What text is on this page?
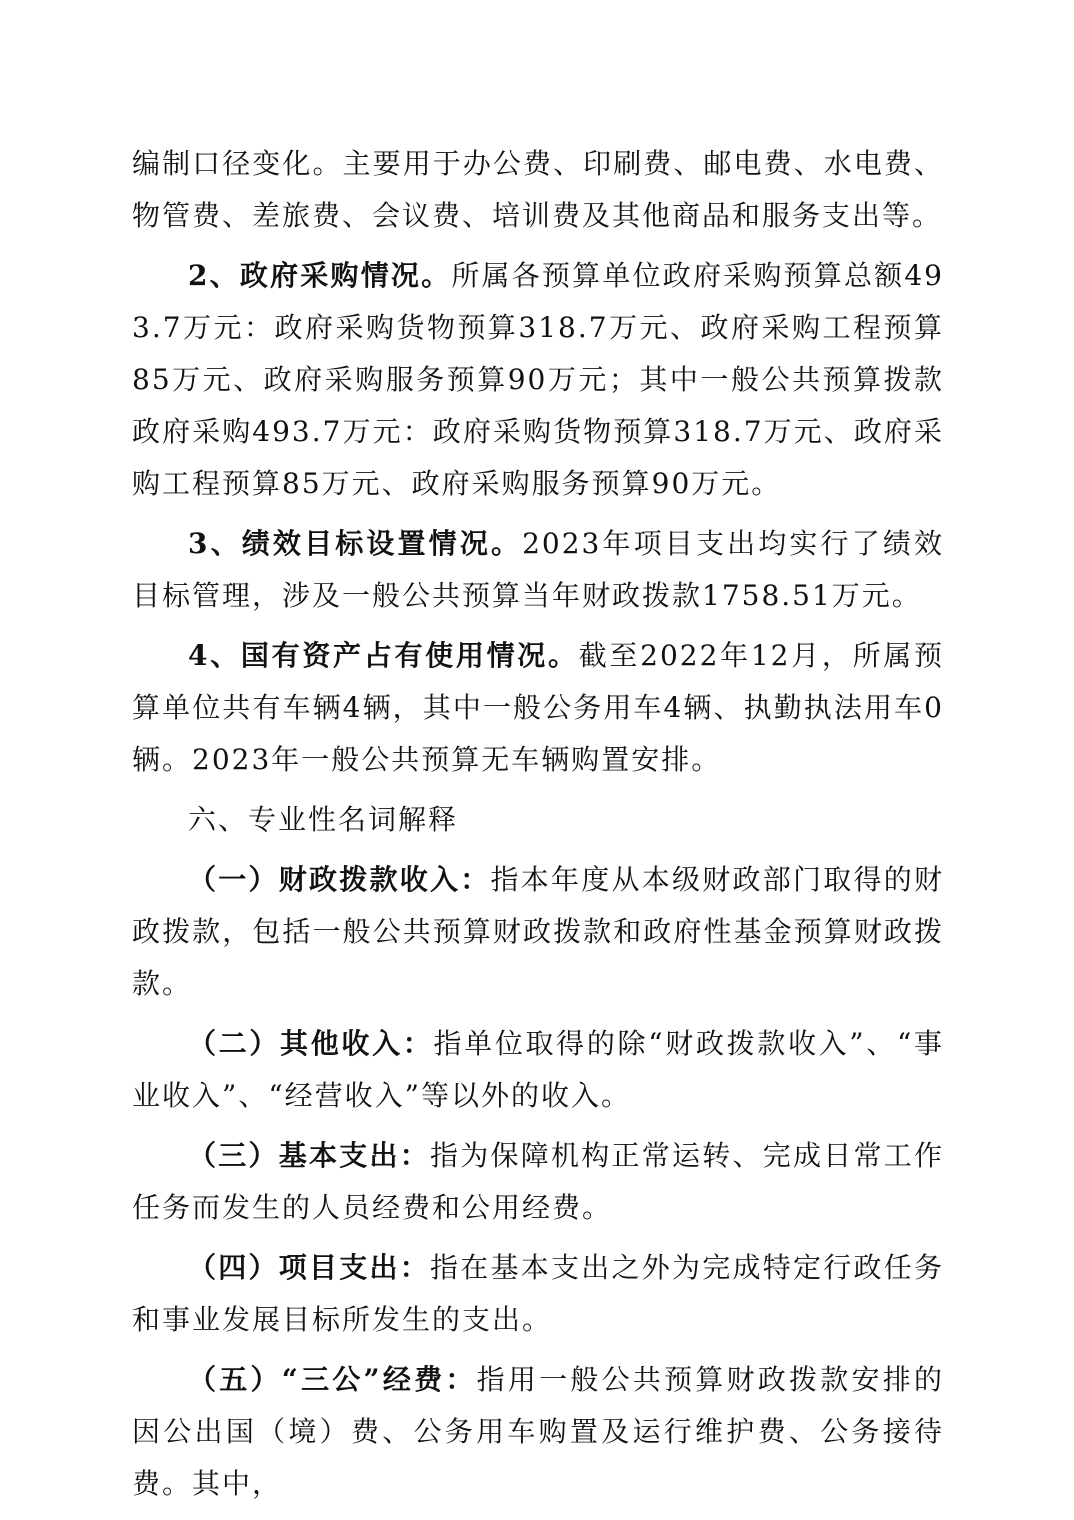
编制口径变化。主要用于办公费、印刷费、邮电费、水电费、物管费、差旅费、会议费、培训费及其他商品和服务支出等。

2、政府采购情况。所属各预算单位政府采购预算总额493.7万元：政府采购货物预算318.7万元、政府采购工程预算85万元、政府采购服务预算90万元；其中一般公共预算拨款政府采购493.7万元：政府采购货物预算318.7万元、政府采购工程预算85万元、政府采购服务预算90万元。

3、绩效目标设置情况。2023年项目支出均实行了绩效目标管理，涉及一般公共预算当年财政拨款1758.51万元。

4、国有资产占有使用情况。截至2022年12月，所属预算单位共有车辆4辆，其中一般公务用车4辆、执勤执法用车0辆。2023年一般公共预算无车辆购置安排。

六、专业性名词解释

（一）财政拨款收入：指本年度从本级财政部门取得的财政拨款，包括一般公共预算财政拨款和政府性基金预算财政拨款。

（二）其他收入：指单位取得的除“财政拨款收入”、“事业收入”、“经营收入”等以外的收入。

（三）基本支出：指为保障机构正常运转、完成日常工作任务而发生的人员经费和公用经费。

（四）项目支出：指在基本支出之外为完成特定行政任务和事业发展目标所发生的支出。

（五）“三公”经费：指用一般公共预算财政拨款安排的因公出国（境）费、公务用车购置及运行维护费、公务接待费。其中，
